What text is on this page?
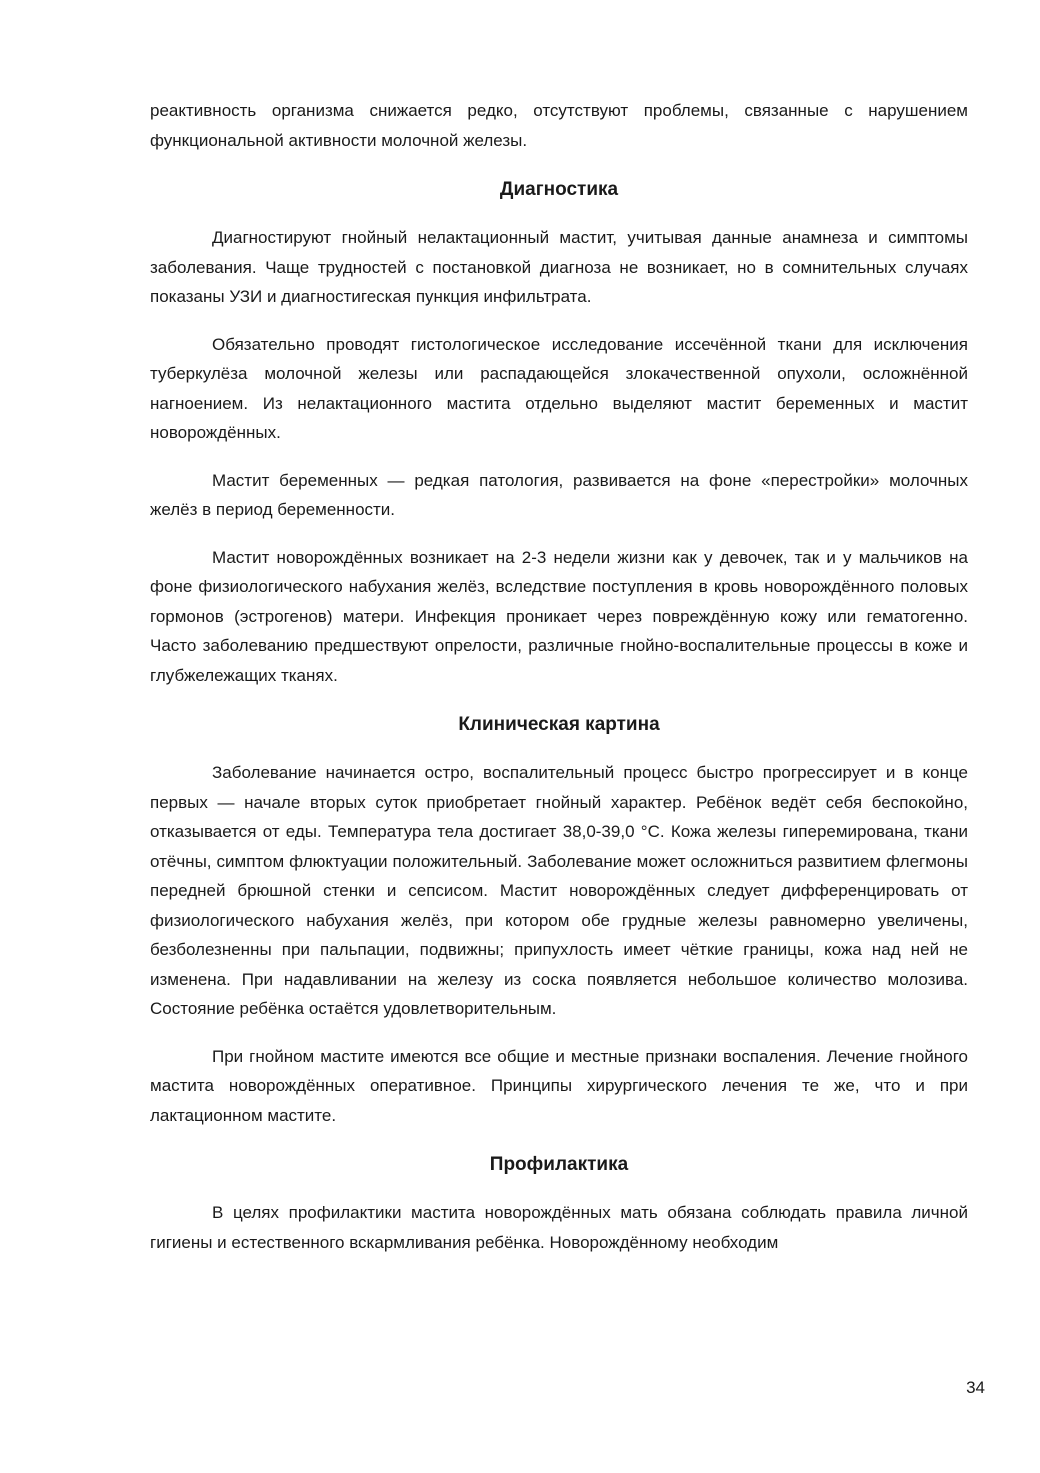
реактивность организма снижается редко, отсутствуют проблемы, связанные с нарушением функциональной активности молочной железы.

Диагностика

Диагностируют гнойный нелактационный мастит, учитывая данные анамнеза и симптомы заболевания. Чаще трудностей с постановкой диагноза не возникает, но в сомнительных случаях показаны УЗИ и диагностигеская пункция инфильтрата.

Обязательно проводят гистологическое исследование иссечённой ткани для исключения туберкулёза молочной железы или распадающейся злокачественной опухоли, осложнённой нагноением. Из нелактационного мастита отдельно выделяют мастит беременных и мастит новорождённых.

Мастит беременных — редкая патология, развивается на фоне «перестройки» молочных желёз в период беременности.

Мастит новорождённых возникает на 2-3 недели жизни как у девочек, так и у мальчиков на фоне физиологического набухания желёз, вследствие поступления в кровь новорождённого половых гормонов (эстрогенов) матери. Инфекция проникает через повреждённую кожу или гематогенно. Часто заболеванию предшествуют опрелости, различные гнойно-воспалительные процессы в коже и глубжележащих тканях.

Клиническая картина

Заболевание начинается остро, воспалительный процесс быстро прогрессирует и в конце первых — начале вторых суток приобретает гнойный характер. Ребёнок ведёт себя беспокойно, отказывается от еды. Температура тела достигает 38,0-39,0 °С. Кожа железы гиперемирована, ткани отёчны, симптом флюктуации положительный. Заболевание может осложниться развитием флегмоны передней брюшной стенки и сепсисом. Мастит новорождённых следует дифференцировать от физиологического набухания желёз, при котором обе грудные железы равномерно увеличены, безболезненны при пальпации, подвижны; припухлость имеет чёткие границы, кожа над ней не изменена. При надавливании на железу из соска появляется небольшое количество молозива. Состояние ребёнка остаётся удовлетворительным.

При гнойном мастите имеются все общие и местные признаки воспаления. Лечение гнойного мастита новорождённых оперативное. Принципы хирургического лечения те же, что и при лактационном мастите.

Профилактика

В целях профилактики мастита новорождённых мать обязана соблюдать правила личной гигиены и естественного вскармливания ребёнка. Новорождённому необходим

34
